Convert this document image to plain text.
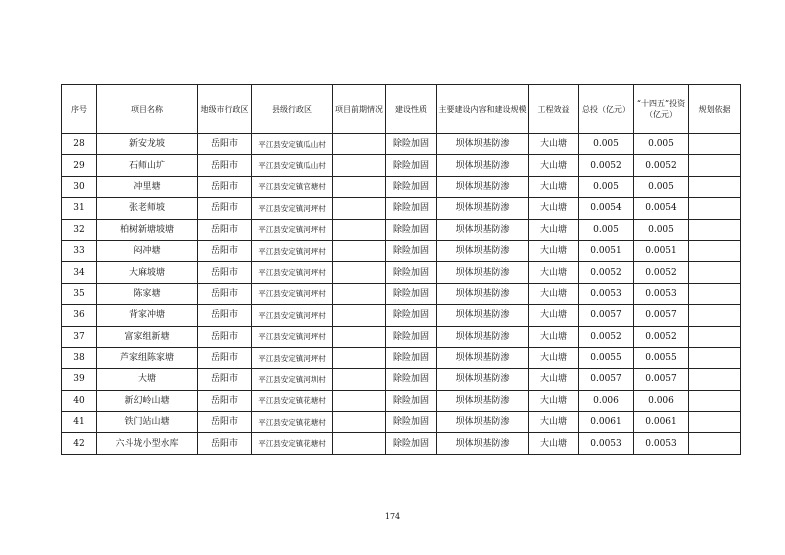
序号	项目名称	地级市行政区	县级行政区	项目前期情况	建设性质	主要建设内容和建设规模	工程效益	总投（亿元）	“十四五”投资（亿元）	规划依据
28	新安龙坡	岳阳市	平江县安定镇瓜山村		除险加固	坝体坝基防渗	大山塘	0.005	0.005	
29	石师山圹	岳阳市	平江县安定镇瓜山村		除险加固	坝体坝基防渗	大山塘	0.0052	0.0052	
30	冲里塘	岳阳市	平江县安定镇官塘村		除险加固	坝体坝基防渗	大山塘	0.005	0.005	
31	张老师坡	岳阳市	平江县安定镇河坪村		除险加固	坝体坝基防渗	大山塘	0.0054	0.0054	
32	柏树新塘坡塘	岳阳市	平江县安定镇河坪村		除险加固	坝体坝基防渗	大山塘	0.005	0.005	
33	闷冲塘	岳阳市	平江县安定镇河坪村		除险加固	坝体坝基防渗	大山塘	0.0051	0.0051	
34	大麻坡塘	岳阳市	平江县安定镇河坪村		除险加固	坝体坝基防渗	大山塘	0.0052	0.0052	
35	陈家塘	岳阳市	平江县安定镇河坪村		除险加固	坝体坝基防渗	大山塘	0.0053	0.0053	
36	背家冲塘	岳阳市	平江县安定镇河坪村		除险加固	坝体坝基防渗	大山塘	0.0057	0.0057	
37	富家组新塘	岳阳市	平江县安定镇河坪村		除险加固	坝体坝基防渗	大山塘	0.0052	0.0052	
38	芦家组陈家塘	岳阳市	平江县安定镇河坪村		除险加固	坝体坝基防渗	大山塘	0.0055	0.0055	
39	大塘	岳阳市	平江县安定镇河圳村		除险加固	坝体坝基防渗	大山塘	0.0057	0.0057	
40	新幻岭山塘	岳阳市	平江县安定镇花塘村		除险加固	坝体坝基防渗	大山塘	0.006	0.006	
41	铁门站山塘	岳阳市	平江县安定镇花塘村		除险加固	坝体坝基防渗	大山塘	0.0061	0.0061	
42	六斗垅小型水库	岳阳市	平江县安定镇花塘村		除险加固	坝体坝基防渗	大山塘	0.0053	0.0053	
174
